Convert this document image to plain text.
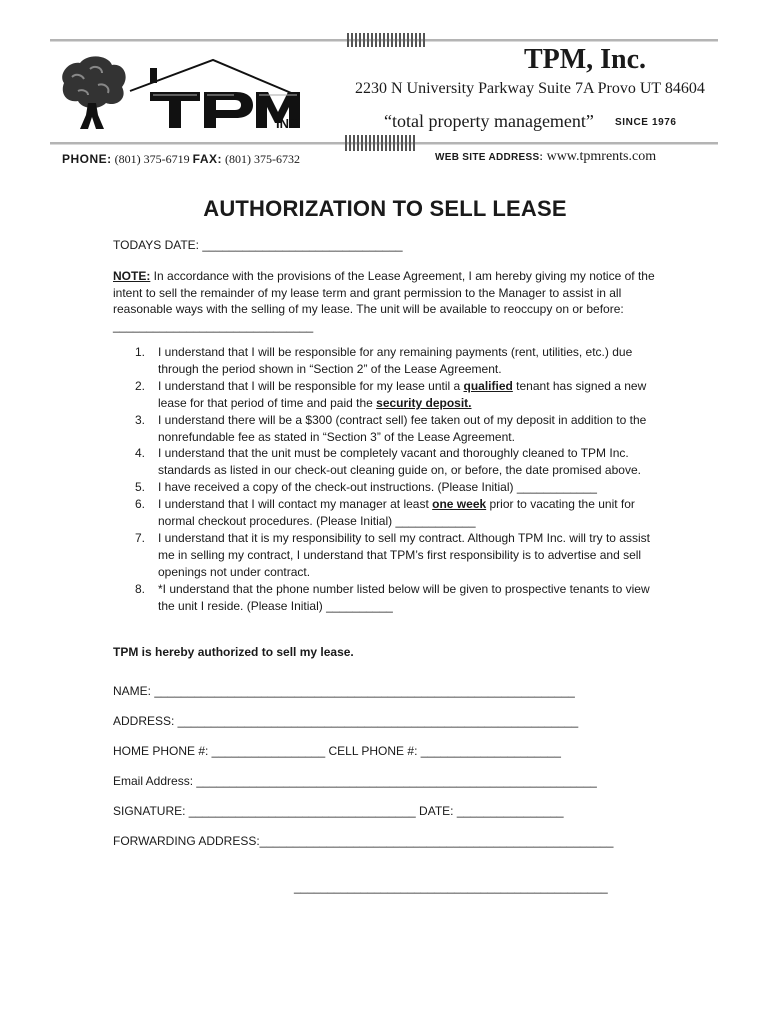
INC
TPM, Inc.
2230 N University Parkway Suite 7A Provo UT 84604
“total property management” SINCE 1976
PHONE: (801) 375-6719 FAX: (801) 375-6732	WEB SITE ADDRESS: www.tpmrents.com
AUTHORIZATION TO SELL LEASE
TODAYS DATE: ______________________________
NOTE: In accordance with the provisions of the Lease Agreement, I am hereby giving my notice of the intent to sell the remainder of my lease term and grant permission to the Manager to assist in all reasonable ways with the selling of my lease. The unit will be available to reoccupy on or before: ______________________________
1. I understand that I will be responsible for any remaining payments (rent, utilities, etc.) due through the period shown in “Section 2” of the Lease Agreement.
2. I understand that I will be responsible for my lease until a qualified tenant has signed a new lease for that period of time and paid the security deposit.
3. I understand there will be a $300 (contract sell) fee taken out of my deposit in addition to the nonrefundable fee as stated in “Section 3” of the Lease Agreement.
4. I understand that the unit must be completely vacant and thoroughly cleaned to TPM Inc. standards as listed in our check-out cleaning guide on, or before, the date promised above.
5. I have received a copy of the check-out instructions. (Please Initial) ____________
6. I understand that I will contact my manager at least one week prior to vacating the unit for normal checkout procedures. (Please Initial) ____________
7. I understand that it is my responsibility to sell my contract. Although TPM Inc. will try to assist me in selling my contract, I understand that TPM’s first responsibility is to advertise and sell openings not under contract.
8. *I understand that the phone number listed below will be given to prospective tenants to view the unit I reside. (Please Initial) __________
TPM is hereby authorized to sell my lease.
NAME: _______________________________________________________________
ADDRESS: ____________________________________________________________
HOME PHONE #: _________________ CELL PHONE #: _____________________
Email Address: ____________________________________________________________
SIGNATURE: __________________________________ DATE: ________________
FORWARDING ADDRESS:_____________________________________________________
_______________________________________________
